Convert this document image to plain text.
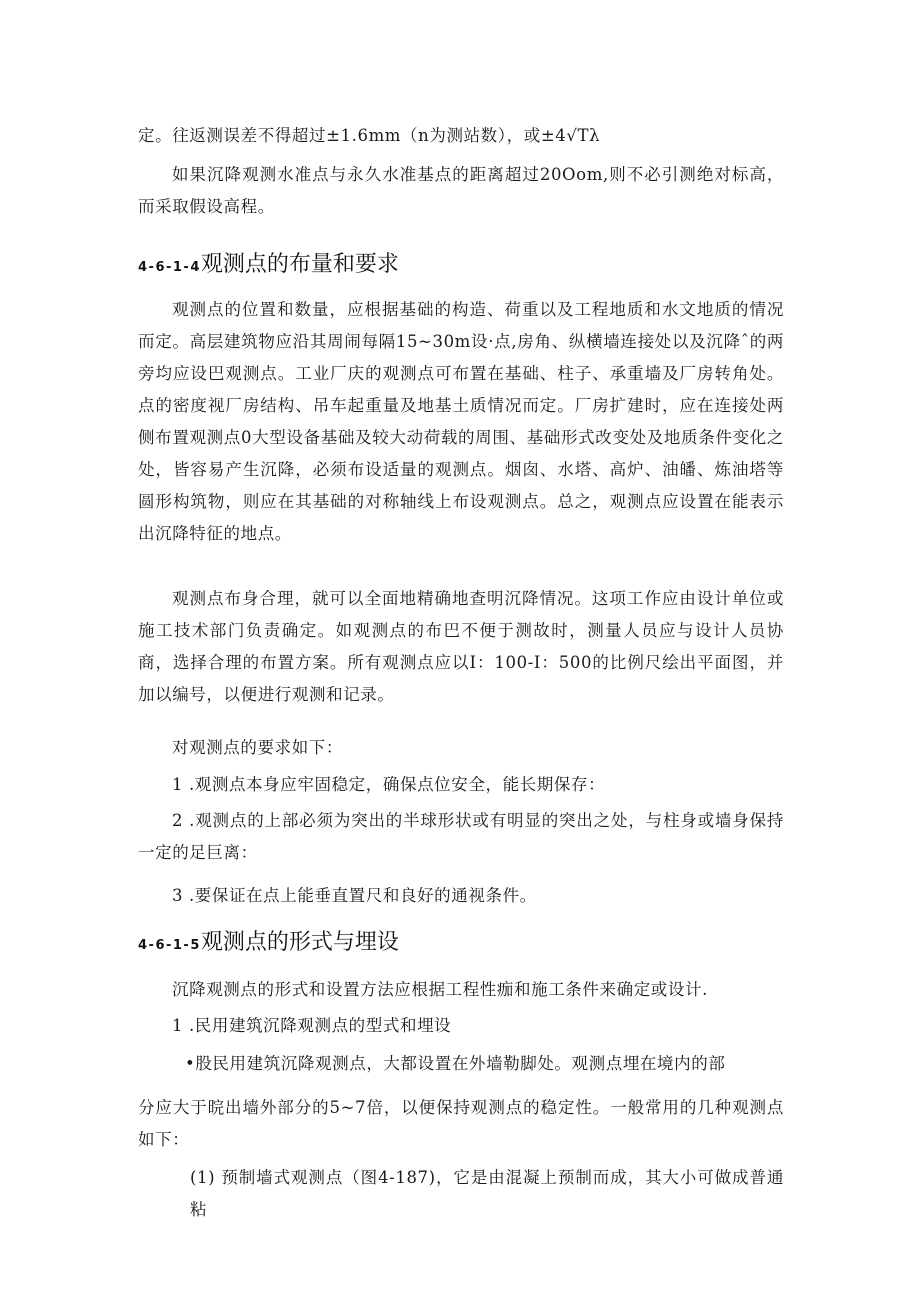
定。往返测误差不得超过±1.6mm（n为测站数），或±4√Tλ

如果沉降观测水准点与永久水准基点的距离超过20Oom,则不必引测绝对标高，而采取假设高程。

4-6-1-4观测点的布量和要求

观测点的位置和数量，应根据基础的构造、荷重以及工程地质和水文地质的情况而定。高层建筑物应沿其周闹每隔15~30m设·点,房角、纵横墙连接处以及沉降ˆ的两旁均应设巴观测点。工业厂庆的观测点可布置在基础、柱子、承重墙及厂房转角处。点的密度视厂房结构、吊车起重量及地基土质情况而定。厂房扩建时，应在连接处两侧布置观测点0大型设备基础及较大动荷载的周围、基础形式改变处及地质条件变化之处，皆容易产生沉降，必须布设适量的观测点。烟囱、水塔、高炉、油皤、炼油塔等圆形构筑物，则应在其基础的对称轴线上布设观测点。总之，观测点应设置在能表示出沉降特征的地点。

观测点布身合理，就可以全面地精确地查明沉降情况。这项工作应由设计单位或施工技术部门负责确定。如观测点的布巴不便于测故时，测量人员应与设计人员协商，选择合理的布置方案。所有观测点应以I：100-I：500的比例尺绘出平面图，并加以编号，以便进行观测和记录。

对观测点的要求如下：

1 .观测点本身应牢固稳定，确保点位安全，能长期保存：

2 .观测点的上部必须为突出的半球形状或有明显的突出之处，与柱身或墙身保持一定的足巨离：

3 .要保证在点上能垂直置尺和良好的通视条件。

4-6-1-5观测点的形式与埋设

沉降观测点的形式和设置方法应根据工程性痂和施工条件来确定或设计.

1 .民用建筑沉降观测点的型式和埋设

•股民用建筑沉降观测点，大都设置在外墙勒脚处。观测点埋在境内的部

分应大于晥出墙外部分的5~7倍，以便保持观测点的稳定性。一般常用的几种观测点如下：

(1) 预制墙式观测点（图4-187)，它是由混凝上预制而成，其大小可做成普通粘
